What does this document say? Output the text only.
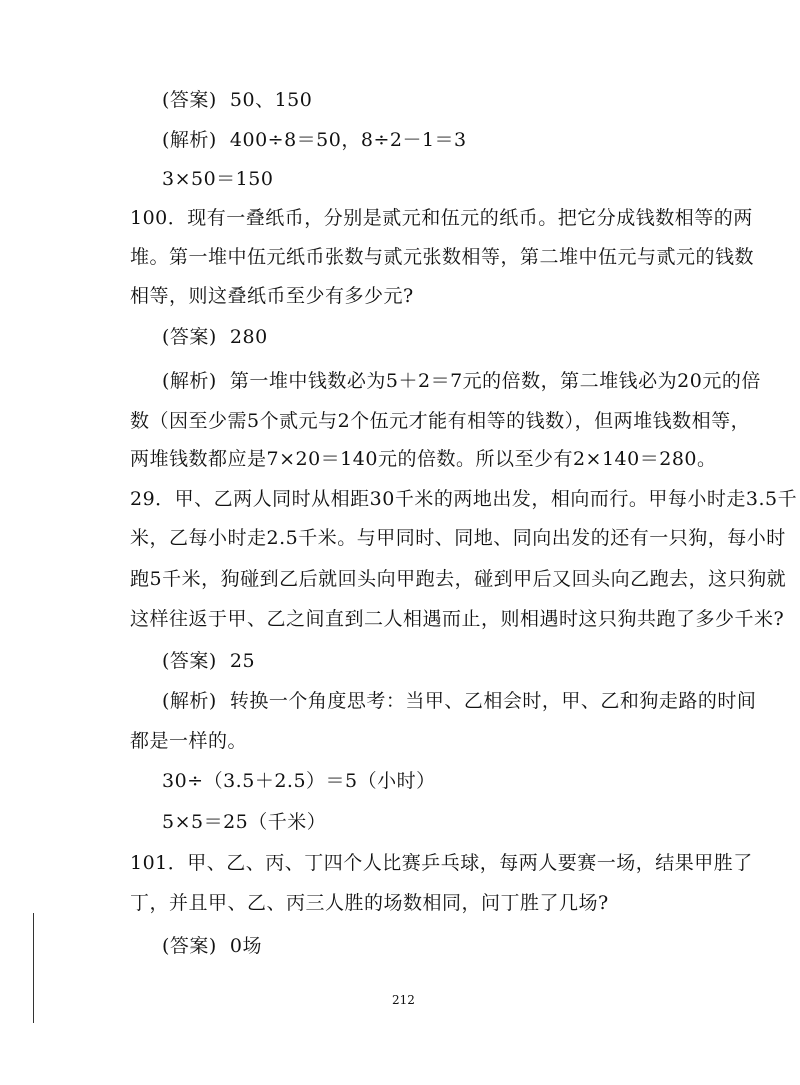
(答案)  50、150
(解析)  400÷8＝50，8÷2－1＝3
3×50＝150
100．现有一叠纸币，分别是贰元和伍元的纸币。把它分成钱数相等的两
堆。第一堆中伍元纸币张数与贰元张数相等，第二堆中伍元与贰元的钱数
相等，则这叠纸币至少有多少元?
(答案)  280
(解析)  第一堆中钱数必为5＋2＝7元的倍数，第二堆钱必为20元的倍
数（因至少需5个贰元与2个伍元才能有相等的钱数），但两堆钱数相等，
两堆钱数都应是7×20＝140元的倍数。所以至少有2×140＝280。
29．甲、乙两人同时从相距30千米的两地出发，相向而行。甲每小时走3.5千
米，乙每小时走2.5千米。与甲同时、同地、同向出发的还有一只狗，每小时
跑5千米，狗碰到乙后就回头向甲跑去，碰到甲后又回头向乙跑去，这只狗就
这样往返于甲、乙之间直到二人相遇而止，则相遇时这只狗共跑了多少千米?
(答案)  25
(解析)  转换一个角度思考：当甲、乙相会时，甲、乙和狗走路的时间
都是一样的。
30÷（3.5＋2.5）＝5（小时）
5×5＝25（千米）
101．甲、乙、丙、丁四个人比赛乒乓球，每两人要赛一场，结果甲胜了
丁，并且甲、乙、丙三人胜的场数相同，问丁胜了几场?
(答案)  0场
212
